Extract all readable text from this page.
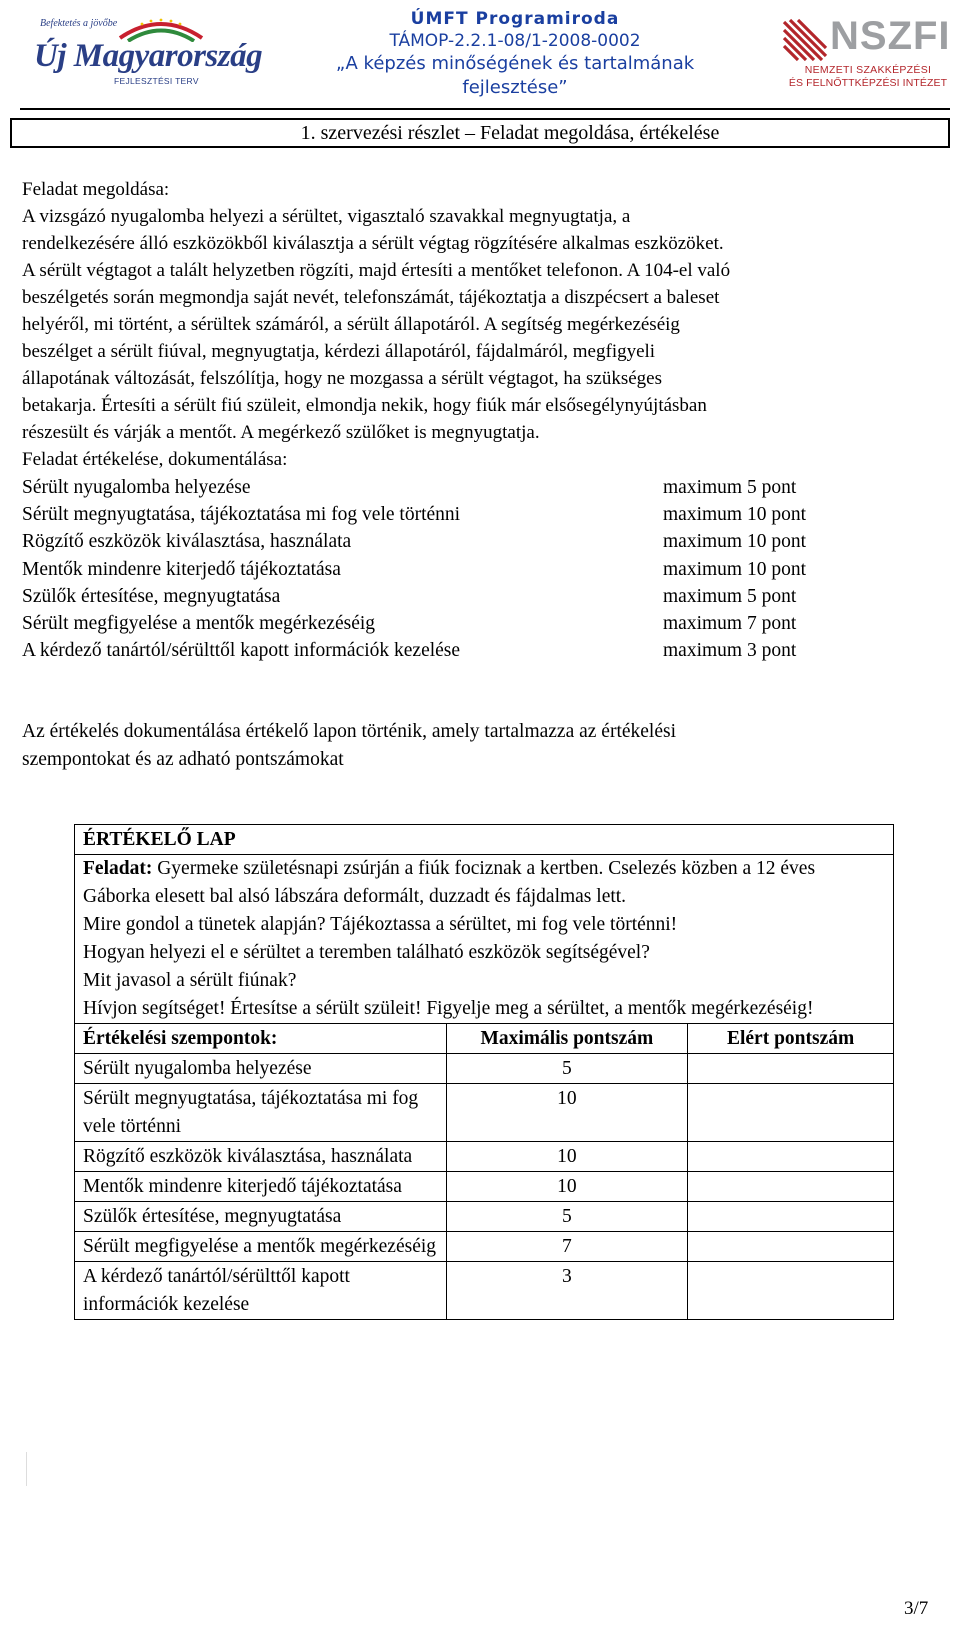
Befektetés a jövőbe
Új Magyarország
FEJLESZTÉSI TERV
ÚMFT Programiroda
TÁMOP-2.2.1-08/1-2008-0002
„A képzés minőségének és tartalmának
fejlesztése”
NSZFI
NEMZETI SZAKKÉPZÉSI
ÉS FELNŐTTKÉPZÉSI INTÉZET
1. szervezési részlet – Feladat megoldása, értékelése
Feladat megoldása:
A vizsgázó nyugalomba helyezi a sérültet, vigasztaló szavakkal megnyugtatja, a
rendelkezésére álló eszközökből kiválasztja a sérült végtag rögzítésére alkalmas eszközöket.
A sérült végtagot a talált helyzetben rögzíti, majd értesíti a mentőket telefonon. A 104-el való
beszélgetés során megmondja saját nevét, telefonszámát, tájékoztatja a diszpécsert a baleset
helyéről, mi történt, a sérültek számáról, a sérült állapotáról. A segítség megérkezéséig
beszélget a sérült fiúval, megnyugtatja, kérdezi állapotáról, fájdalmáról, megfigyeli
állapotának változását, felszólítja, hogy ne mozgassa a sérült végtagot, ha szükséges
betakarja. Értesíti a sérült fiú szüleit, elmondja nekik, hogy fiúk már elsősegélynyújtásban
részesült és várják a mentőt. A megérkező szülőket is megnyugtatja.
Feladat értékelése, dokumentálása:
Sérült nyugalomba helyezése	maximum 5 pont
Sérült megnyugtatása, tájékoztatása mi fog vele történni	maximum 10 pont
Rögzítő eszközök kiválasztása, használata	maximum 10 pont
Mentők mindenre kiterjedő tájékoztatása	maximum 10 pont
Szülők értesítése, megnyugtatása	maximum 5 pont
Sérült megfigyelése a mentők megérkezéséig	maximum 7 pont
A kérdező tanártól/sérülttől kapott információk kezelése	maximum 3 pont
Az értékelés dokumentálása értékelő lapon történik, amely tartalmazza az értékelési
szempontokat és az adható pontszámokat
ÉRTÉKELŐ LAP		

Feladat: Gyermeke születésnapi zsúrján a fiúk fociznak a kertben. Cselezés közben a 12 éves Gáborka elesett bal alsó lábszára deformált, duzzadt és fájdalmas lett.
Mire gondol a tünetek alapján? Tájékoztassa a sérültet, mi fog vele történni!
Hogyan helyezi el e sérültet a teremben található eszközök segítségével?
Mit javasol a sérült fiúnak?
Hívjon segítséget! Értesítse a sérült szüleit! Figyelje meg a sérültet, a mentők megérkezéséig!		

Értékelési szempontok:	Maximális pontszám	Elért pontszám
Sérült nyugalomba helyezése	5	
Sérült megnyugtatása, tájékoztatása mi fog vele történni	10	
Rögzítő eszközök kiválasztása, használata	10	
Mentők mindenre kiterjedő tájékoztatása	10	
Szülők értesítése, megnyugtatása	5	
Sérült megfigyelése a mentők megérkezéséig	7	
A kérdező tanártól/sérülttől kapott információk kezelése	3	
3/7
